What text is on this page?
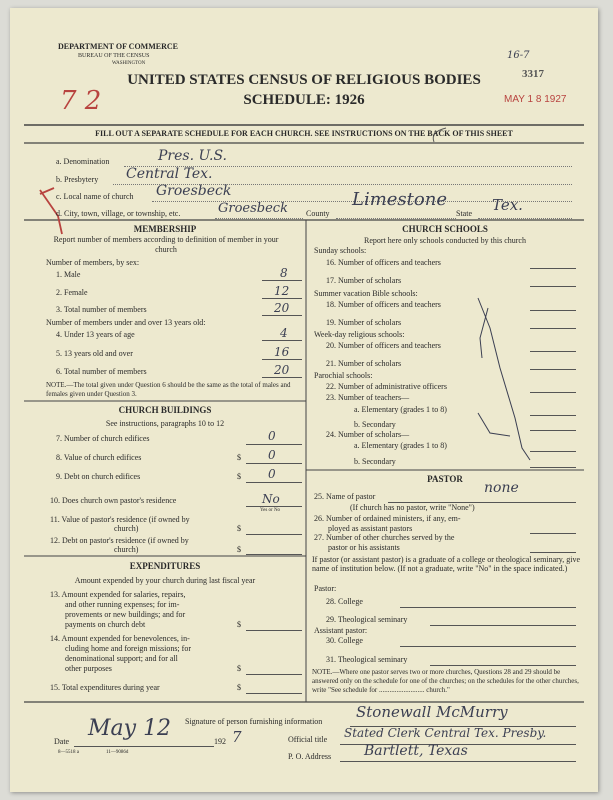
DEPARTMENT OF COMMERCE
BUREAU OF THE CENSUS
WASHINGTON
16-7
3317
MAY 1 8 1927
7 2
UNITED STATES CENSUS OF RELIGIOUS BODIES
SCHEDULE: 1926
FILL OUT A SEPARATE SCHEDULE FOR EACH CHURCH. SEE INSTRUCTIONS ON THE BACK OF THIS SHEET
a. Denomination	Pres. U.S.
b. Presbytery Central Tex.
c. Local name of church Groesbeck
d. City, town, village, or township, etc.	Groesbeck County
Limestone
State Tex.
MEMBERSHIP
Report number of members according to definition of member in your church
Number of members, by sex:
1. Male	8
2. Female	12
3. Total number of members	20
Number of members under and over 13 years old:
4. Under 13 years of age	4
5. 13 years old and over	16
6. Total number of members	20
NOTE.—The total given under Question 6 should be the same as the total of males and females given under Question 3.
CHURCH BUILDINGS
See instructions, paragraphs 10 to 12
7. Number of church edifices	0
8. Value of church edifices	$ 0
9. Debt on church edifices	$ 0
10. Does church own pastor's residence	No
Yes or No
11. Value of pastor's residence (if owned by
church)	$
12. Debt on pastor's residence (if owned by
church)	$
EXPENDITURES
Amount expended by your church during last fiscal year
13. Amount expended for salaries, repairs,
and other running expenses; for im-
provements or new buildings; and for
payments on church debt	$
14. Amount expended for benevolences, in-
cluding home and foreign missions; for
denominational support; and for all
other purposes	$
15. Total expenditures during year	$
CHURCH SCHOOLS
Report here only schools conducted by this church
Sunday schools:
16. Number of officers and teachers
17. Number of scholars
Summer vacation Bible schools:
18. Number of officers and teachers
19. Number of scholars
Week-day religious schools:
20. Number of officers and teachers
21. Number of scholars
Parochial schools:
22. Number of administrative officers
23. Number of teachers—
a. Elementary (grades 1 to 8)
b. Secondary
24. Number of scholars—
a. Elementary (grades 1 to 8)
b. Secondary
PASTOR
25. Name of pastor
none
(If church has no pastor, write "None")
26. Number of ordained ministers, if any, em-
ployed as assistant pastors
27. Number of other churches served by the
pastor or his assistants
If pastor (or assistant pastor) is a graduate of a college or theological seminary, give name of institution below. (If not a graduate, write "No" in the space indicated.)
Pastor:
28. College
29. Theological seminary
Assistant pastor:
30. College
31. Theological seminary
NOTE.—Where one pastor serves two or more churches, Questions 28 and 29 should be answered only on the schedule for one of the churches; on the schedules for the other churches, write "See schedule for .......................... church."
Signature of person furnishing information
Stonewall McMurry
Official title Stated Clerk Central Tex. Presby.
Date
May 12
192 7
P. O. Address Bartlett, Texas
8—5518 a	11—9086d
